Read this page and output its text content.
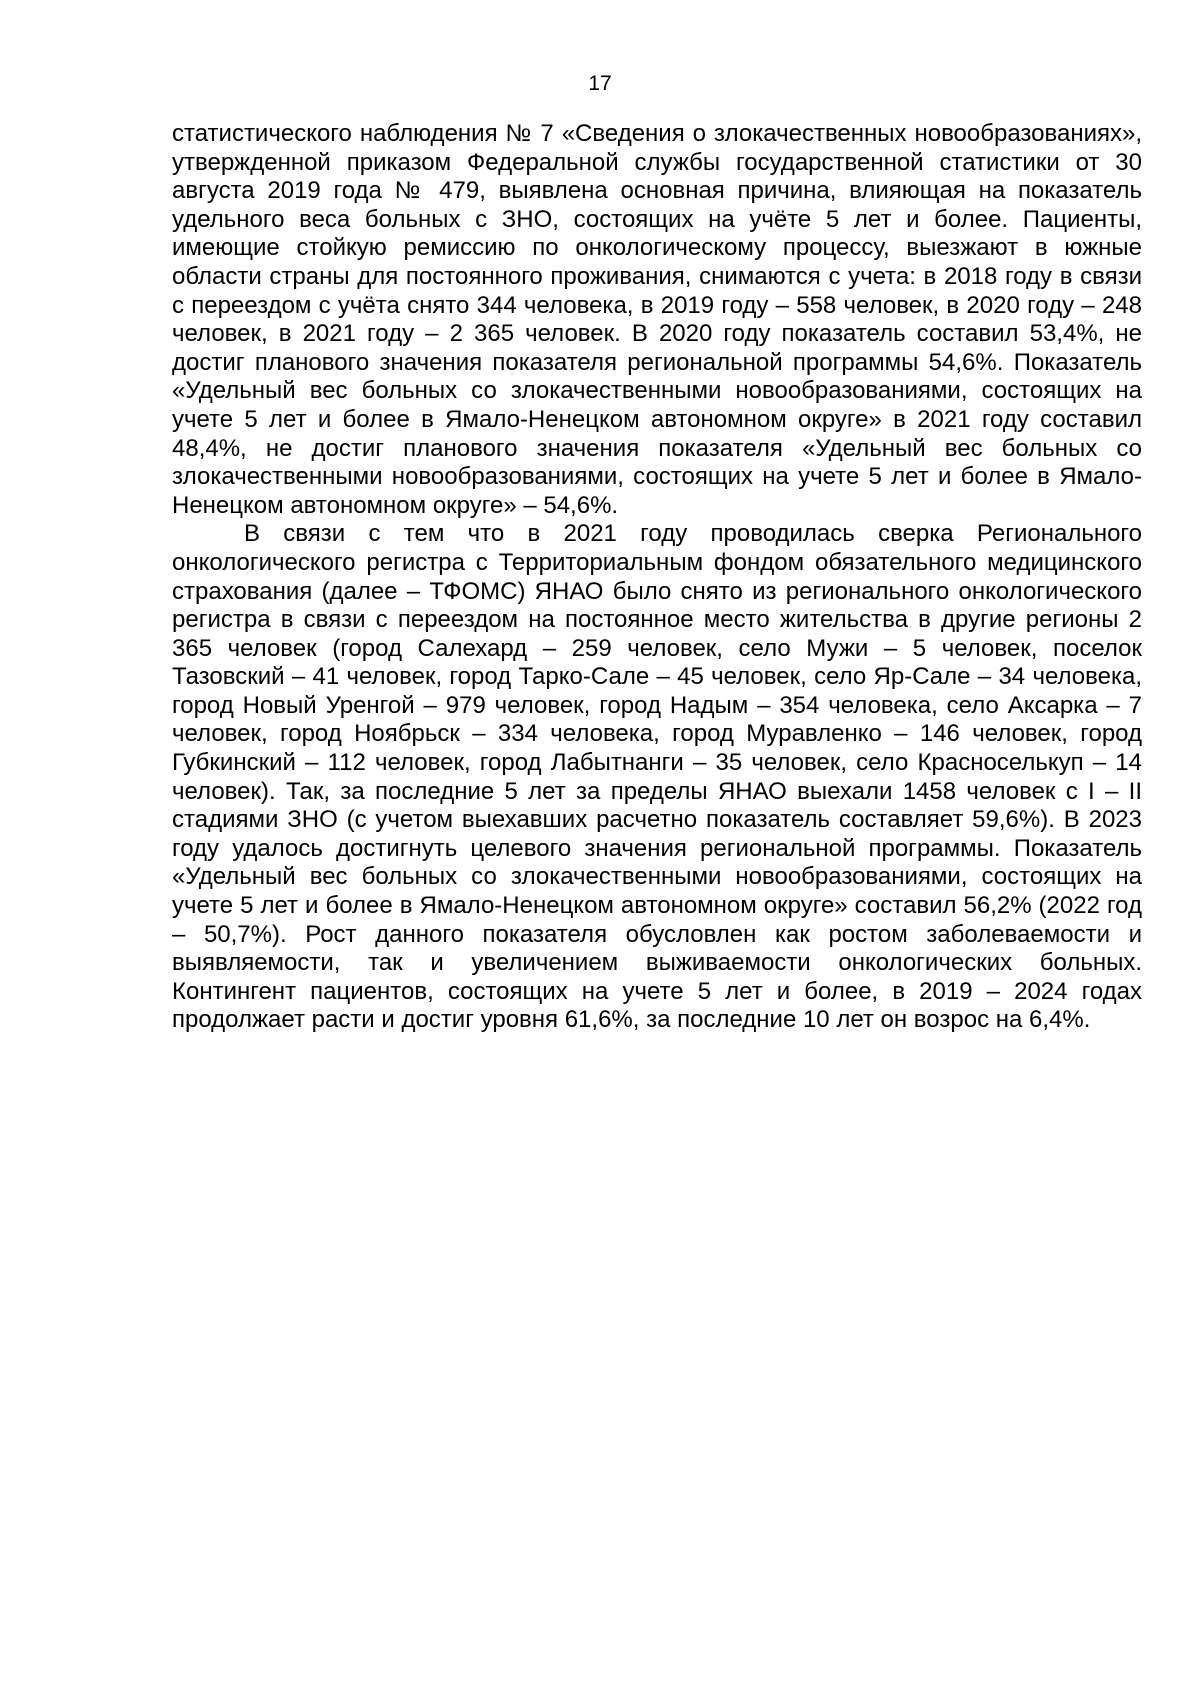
17

статистического наблюдения № 7 «Сведения о злокачественных новообразованиях», утвержденной приказом Федеральной службы государственной статистики от 30 августа 2019 года № 479, выявлена основная причина, влияющая на показатель удельного веса больных с ЗНО, состоящих на учёте 5 лет и более. Пациенты, имеющие стойкую ремиссию по онкологическому процессу, выезжают в южные области страны для постоянного проживания, снимаются с учета: в 2018 году в связи с переездом с учёта снято 344 человека, в 2019 году – 558 человек, в 2020 году – 248 человек, в 2021 году – 2 365 человек. В 2020 году показатель составил 53,4%, не достиг планового значения показателя региональной программы 54,6%. Показатель «Удельный вес больных со злокачественными новообразованиями, состоящих на учете 5 лет и более в Ямало-Ненецком автономном округе» в 2021 году составил 48,4%, не достиг планового значения показателя «Удельный вес больных со злокачественными новообразованиями, состоящих на учете 5 лет и более в Ямало-Ненецком автономном округе» – 54,6%.

В связи с тем что в 2021 году проводилась сверка Регионального онкологического регистра с Территориальным фондом обязательного медицинского страхования (далее – ТФОМС) ЯНАО было снято из регионального онкологического регистра в связи с переездом на постоянное место жительства в другие регионы 2 365 человек (город Салехард – 259 человек, село Мужи – 5 человек, поселок Тазовский – 41 человек, город Тарко-Сале – 45 человек, село Яр-Сале – 34 человека, город Новый Уренгой – 979 человек, город Надым – 354 человека, село Аксарка – 7 человек, город Ноябрьск – 334 человека, город Муравленко – 146 человек, город Губкинский – 112 человек, город Лабытнанги – 35 человек, село Красноселькуп – 14 человек). Так, за последние 5 лет за пределы ЯНАО выехали 1458 человек с I – II стадиями ЗНО (с учетом выехавших расчетно показатель составляет 59,6%). В 2023 году удалось достигнуть целевого значения региональной программы. Показатель «Удельный вес больных со злокачественными новообразованиями, состоящих на учете 5 лет и более в Ямало-Ненецком автономном округе» составил 56,2% (2022 год – 50,7%). Рост данного показателя обусловлен как ростом заболеваемости и выявляемости, так и увеличением выживаемости онкологических больных. Контингент пациентов, состоящих на учете 5 лет и более, в 2019 – 2024 годах продолжает расти и достиг уровня 61,6%, за последние 10 лет он возрос на 6,4%.
